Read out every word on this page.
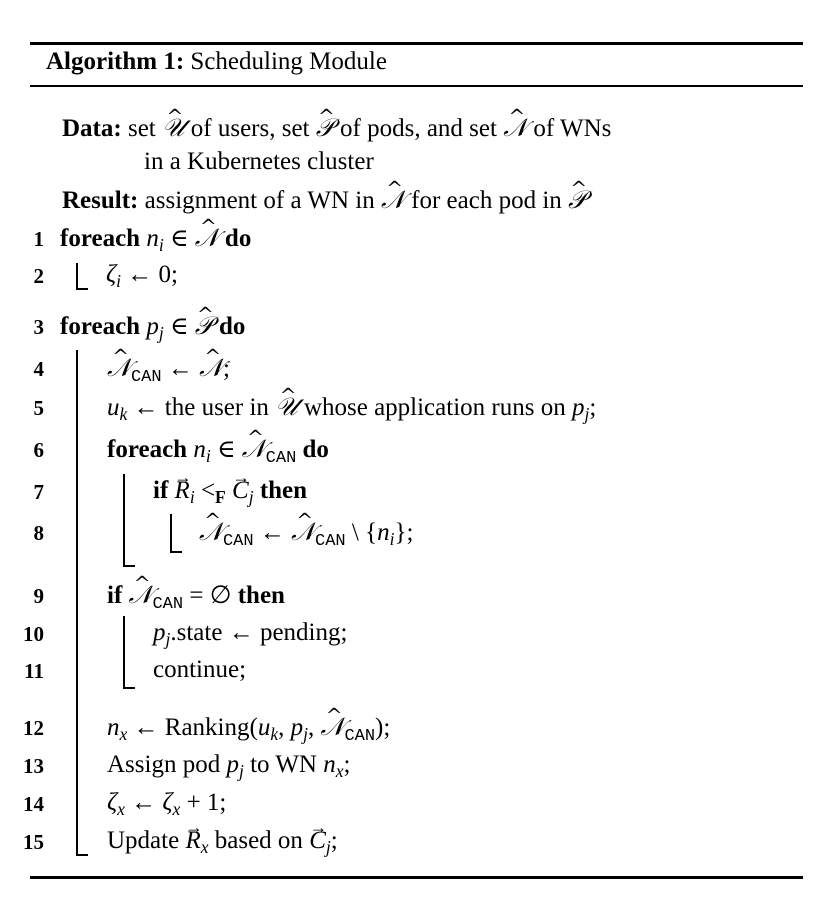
Algorithm 1: Scheduling Module
Data: set ^ 𝒰 of users, set ^ 𝒫 of pods, and set ^ 𝒩 of WNs
in a Kubernetes cluster
Result: assignment of a WN in ^ 𝒩 for each pod in ^ 𝒫
1
2
3
4
5
6
7
8
9
10
11
12
13
14
15
foreach $n_i$ ∈ ^ 𝒩 do
$\zeta_i$ ← 0;
foreach $p_j$ ∈ ^ 𝒫 do
^ 𝒩$_{CAN}$ ← ^ 𝒩;
$u_k$ ← the user in ^ 𝒰 whose application runs on $p_j$;
foreach $n_i$ ∈ ^ 𝒩$_{CAN}$ do
if → $R_i <_F \to C_j$ then
^ 𝒩$_{CAN}$ ← ^ 𝒩$_{CAN}$ \ $\{n_i\}$;
if ^ 𝒩$_{CAN}$ = ∅ then
$p_j.state$ ← pending;
continue;
$n_x$ ← $Ranking(u_k$, $p_j$, ^ 𝒩$_{CAN}$);
Assign pod $p_j$ to WN $n_x$;
$\zeta_x$ ← $\zeta_x + 1$;
Update → $R_x$ based on → $C_j$;
